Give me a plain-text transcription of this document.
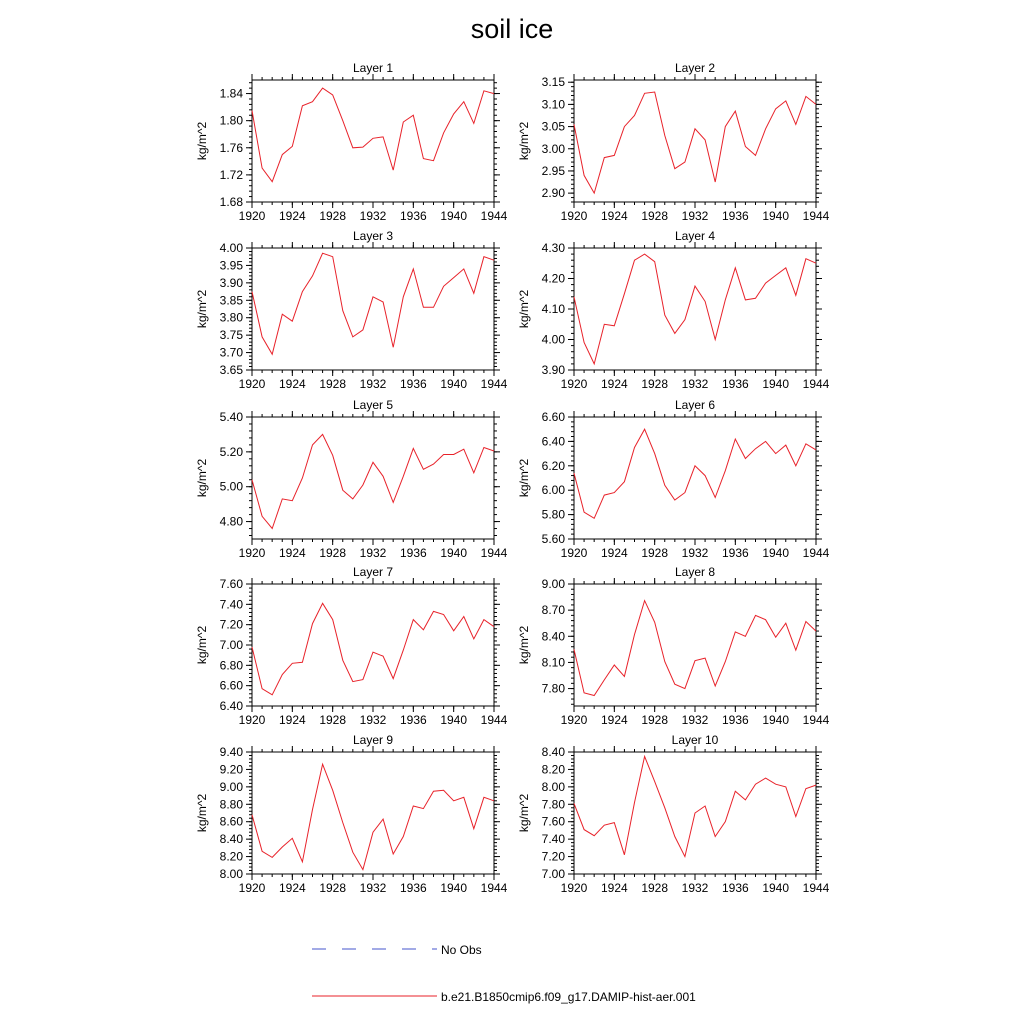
soil ice
Layer 1
1920 1924 1928 1932 1936 1940 1944
1.68
1.72
1.76
1.80
1.84
kg/m^2
Layer 2
1920 1924 1928 1932 1936 1940 1944
2.90
2.95
3.00
3.05
3.10
3.15
kg/m^2
Layer 3
1920 1924 1928 1932 1936 1940 1944
3.65
3.70
3.75
3.80
3.85
3.90
3.95
4.00
kg/m^2
Layer 4
1920 1924 1928 1932 1936 1940 1944
3.90
4.00
4.10
4.20
4.30
kg/m^2
Layer 5
1920 1924 1928 1932 1936 1940 1944
4.80
5.00
5.20
5.40
kg/m^2
Layer 6
1920 1924 1928 1932 1936 1940 1944
5.60
5.80
6.00
6.20
6.40
6.60
kg/m^2
Layer 7
1920 1924 1928 1932 1936 1940 1944
6.40
6.60
6.80
7.00
7.20
7.40
7.60
kg/m^2
Layer 8
1920 1924 1928 1932 1936 1940 1944
7.80
8.10
8.40
8.70
9.00
kg/m^2
Layer 9
1920 1924 1928 1932 1936 1940 1944
8.00
8.20
8.40
8.60
8.80
9.00
9.20
9.40
kg/m^2
Layer 10
1920 1924 1928 1932 1936 1940 1944
7.00
7.20
7.40
7.60
7.80
8.00
8.20
8.40
kg/m^2
No Obs
b.e21.B1850cmip6.f09_g17.DAMIP-hist-aer.001
